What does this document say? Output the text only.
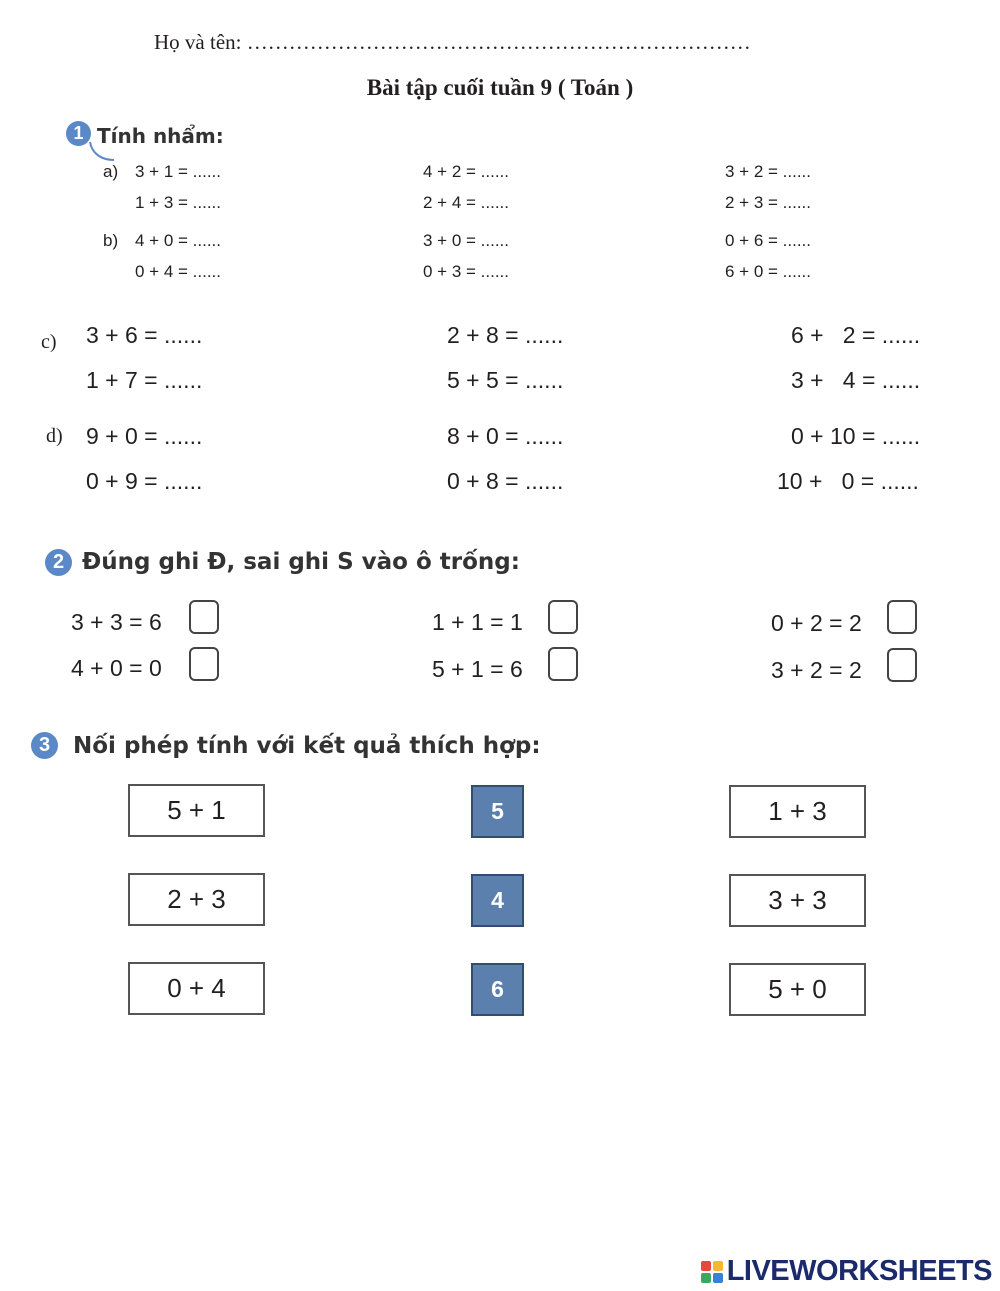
Họ và tên: ………………………………………………………………
Bài tập cuối tuần 9 ( Toán )
1 Tính nhẩm:
a) 3 + 1 = ......	4 + 2 = ......	3 + 2 = ......
1 + 3 = ......	2 + 4 = ......	2 + 3 = ......
b) 4 + 0 = ......	3 + 0 = ......	0 + 6 = ......
0 + 4 = ......	0 + 3 = ......	6 + 0 = ......
c) 3 + 6 = ......	2 + 8 = ......	6 +   2 = ......
1 + 7 = ......	5 + 5 = ......	3 +   4 = ......
d) 9 + 0 = ......	8 + 0 = ......	0 + 10 = ......
0 + 9 = ......	0 + 8 = ......	10 +   0 = ......
2 Đúng ghi Đ, sai ghi S vào ô trống:
3 + 3 = 6	1 + 1 = 1	0 + 2 = 2
4 + 0 = 0	5 + 1 = 6	3 + 2 = 2
3 Nối phép tính với kết quả thích hợp:
5 + 1
2 + 3
0 + 4
5
4
6
1 + 3
3 + 3
5 + 0
LIVEWORKSHEETS
